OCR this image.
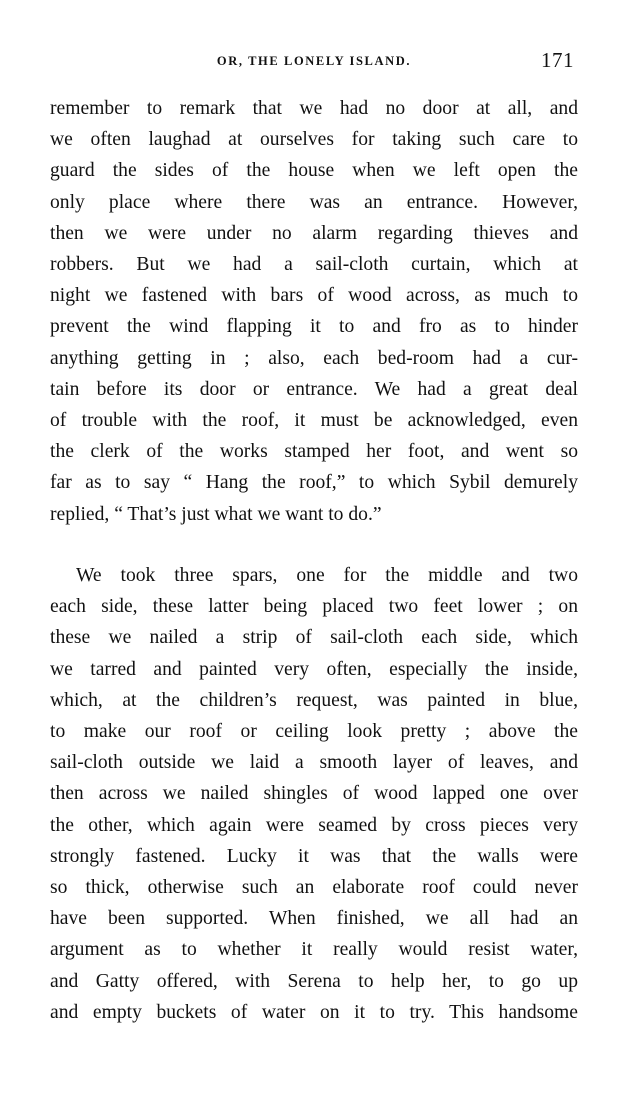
OR, THE LONELY ISLAND.	171
remember to remark that we had no door at all, and
we often laughad at ourselves for taking such care to
guard the sides of the house when we left open the
only place where there was an entrance. However,
then we were under no alarm regarding thieves and
robbers. But we had a sail-cloth curtain, which at
night we fastened with bars of wood across, as much to
prevent the wind flapping it to and fro as to hinder
anything getting in ; also, each bed-room had a cur-
tain before its door or entrance. We had a great deal
of trouble with the roof, it must be acknowledged, even
the clerk of the works stamped her foot, and went so
far as to say “ Hang the roof,” to which Sybil demurely
replied, “ That’s just what we want to do.”
We took three spars, one for the middle and two
each side, these latter being placed two feet lower ; on
these we nailed a strip of sail-cloth each side, which
we tarred and painted very often, especially the inside,
which, at the children’s request, was painted in blue,
to make our roof or ceiling look pretty ; above the
sail-cloth outside we laid a smooth layer of leaves, and
then across we nailed shingles of wood lapped one over
the other, which again were seamed by cross pieces very
strongly fastened. Lucky it was that the walls were
so thick, otherwise such an elaborate roof could never
have been supported. When finished, we all had an
argument as to whether it really would resist water,
and Gatty offered, with Serena to help her, to go up
and empty buckets of water on it to try. This handsome
